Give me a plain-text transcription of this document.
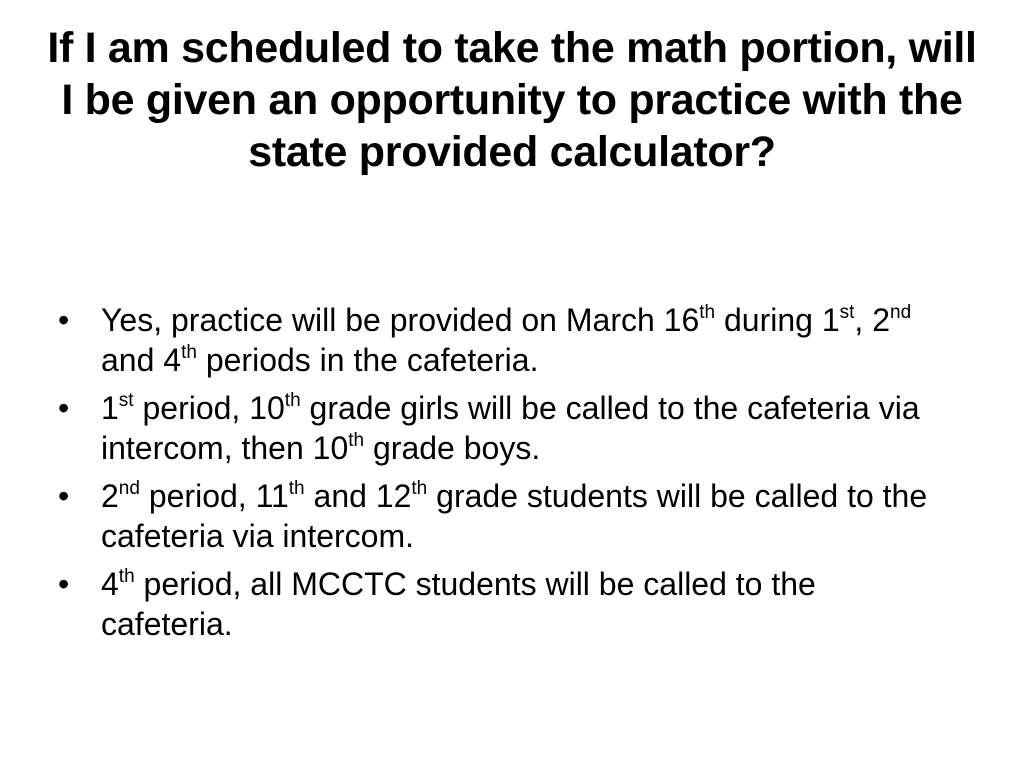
If I am scheduled to take the math portion, will I be given an opportunity to practice with the state provided calculator?
• Yes, practice will be provided on March 16th during 1st, 2nd and 4th periods in the cafeteria.
• 1st period, 10th grade girls will be called to the cafeteria via intercom, then 10th grade boys.
• 2nd period, 11th and 12th grade students will be called to the cafeteria via intercom.
• 4th period, all MCCTC students will be called to the cafeteria.
